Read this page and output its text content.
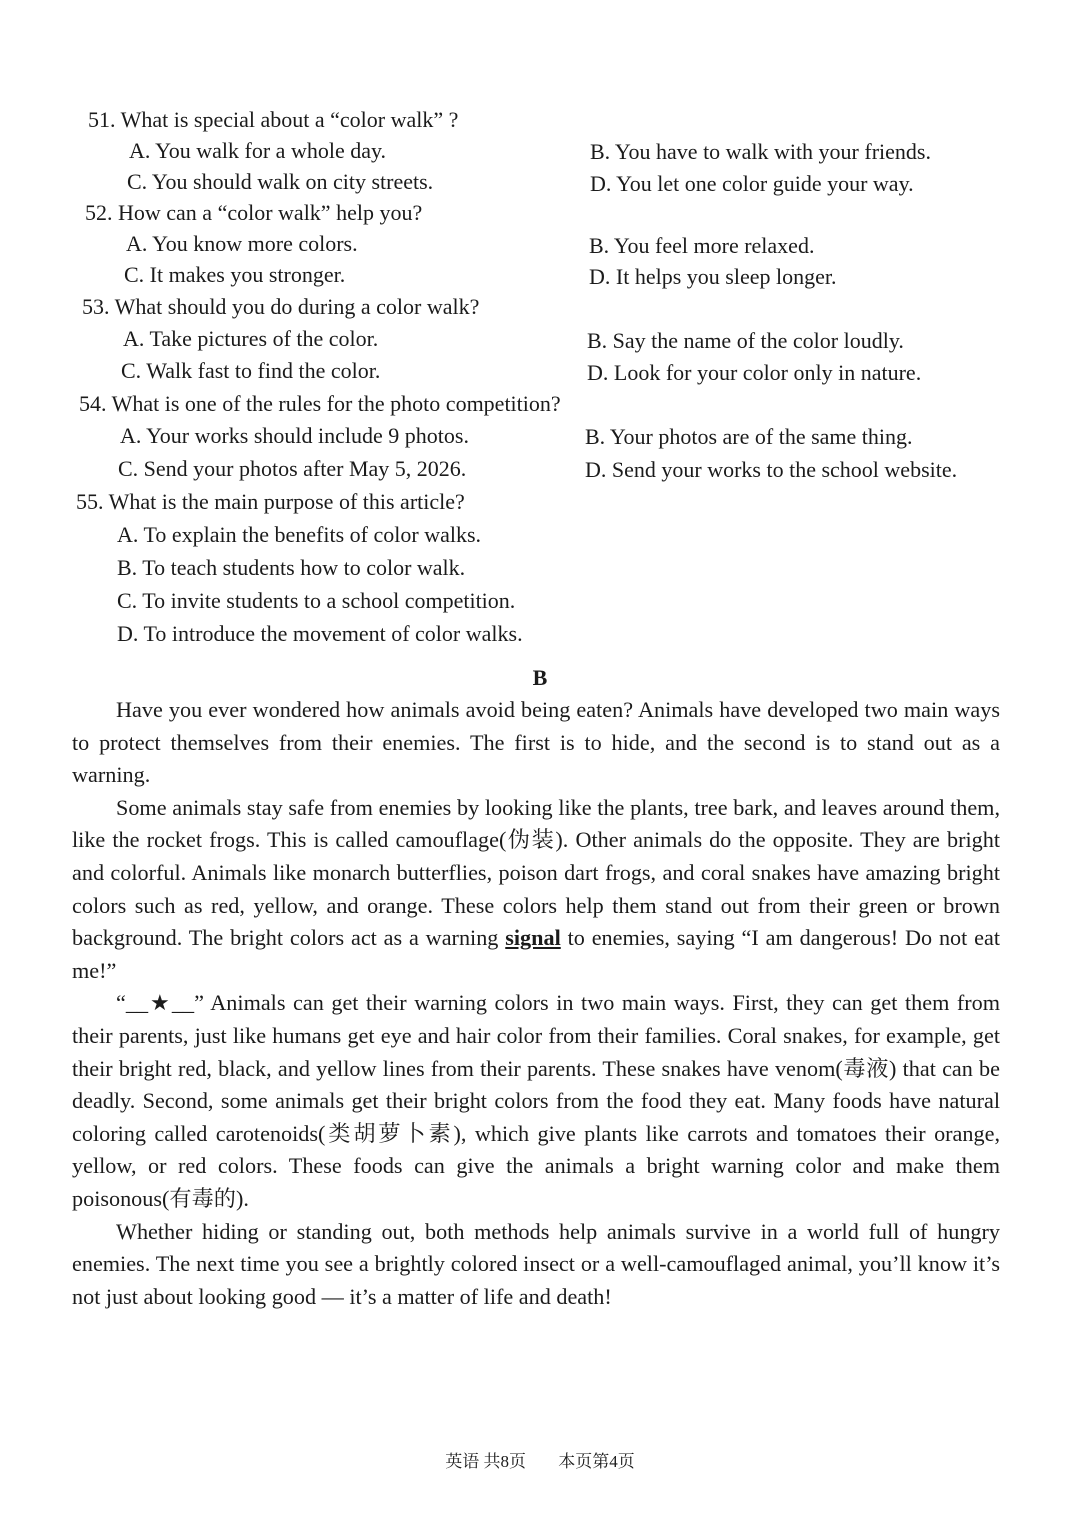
51. What is special about a “color walk” ?
A. You walk for a whole day.	B. You have to walk with your friends.
C. You should walk on city streets.	D. You let one color guide your way.
52. How can a “color walk” help you?
A. You know more colors.	B. You feel more relaxed.
C. It makes you stronger.	D. It helps you sleep longer.
53. What should you do during a color walk?
A. Take pictures of the color.	B. Say the name of the color loudly.
C. Walk fast to find the color.	D. Look for your color only in nature.
54. What is one of the rules for the photo competition?
A. Your works should include 9 photos.	B. Your photos are of the same thing.
C. Send your photos after May 5, 2026.	D. Send your works to the school website.
55. What is the main purpose of this article?
A. To explain the benefits of color walks.
B. To teach students how to color walk.
C. To invite students to a school competition.
D. To introduce the movement of color walks.
B

Have you ever wondered how animals avoid being eaten? Animals have developed two main ways to protect themselves from their enemies. The first is to hide, and the second is to stand out as a warning.

Some animals stay safe from enemies by looking like the plants, tree bark, and leaves around them, like the rocket frogs. This is called camouflage(伪装). Other animals do the opposite. They are bright and colorful. Animals like monarch butterflies, poison dart frogs, and coral snakes have amazing bright colors such as red, yellow, and orange. These colors help them stand out from their green or brown background. The bright colors act as a warning signal to enemies, saying “I am dangerous! Do not eat me!”

“__★__” Animals can get their warning colors in two main ways. First, they can get them from their parents, just like humans get eye and hair color from their families. Coral snakes, for example, get their bright red, black, and yellow lines from their parents. These snakes have venom(毒液) that can be deadly. Second, some animals get their bright colors from the food they eat. Many foods have natural coloring called carotenoids(类胡萝卜素), which give plants like carrots and tomatoes their orange, yellow, or red colors. These foods can give the animals a bright warning color and make them poisonous(有毒的).

Whether hiding or standing out, both methods help animals survive in a world full of hungry enemies. The next time you see a brightly colored insect or a well-camouflaged animal, you’ll know it’s not just about looking good — it’s a matter of life and death!

英语 共8页 本页第4页
